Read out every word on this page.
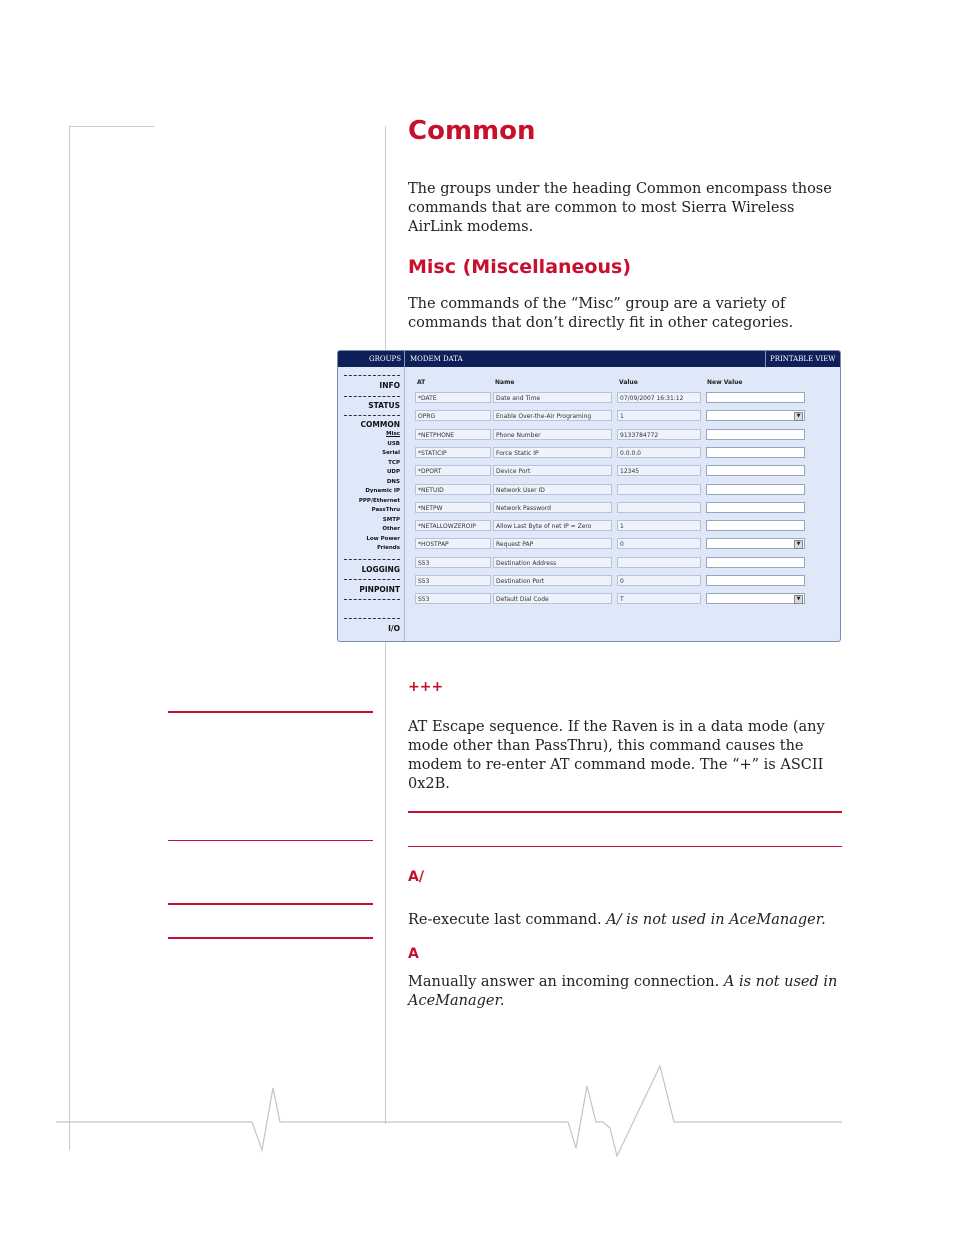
Common
The groups under the heading Common encompass those commands that are common to most Sierra Wireless AirLink modems.
Misc (Miscellaneous)
The commands of the “Misc” group are a variety of commands that don’t directly fit in other categories.
GROUPS MODEM DATA	PRINTABLE VIEW
INFO
STATUS
COMMON
Misc
USB
Serial
TCP
UDP
DNS
Dynamic IP
PPP/Ethernet
PassThru
SMTP
Other
Low Power
Friends
LOGGING
PINPOINT
I/O
AT	Name	Value	New Value
*DATE	Date and Time	07/09/2007 16:31:12
OPRG	Enable Over-the-Air Programing	1	▼
*NETPHONE	Phone Number	9133784772
*STATICIP	Force Static IP	0.0.0.0
*DPORT	Device Port	12345
*NETUID	Network User ID
*NETPW	Network Password
*NETALLOWZEROIP	Allow Last Byte of net IP = Zero	1
*HOSTPAP	Request PAP	0	▼
S53	Destination Address
S53	Destination Port	0
S53	Default Dial Code	T	▼
+++
AT Escape sequence. If the Raven is in a data mode (any mode other than PassThru), this command causes the modem to re-enter AT command mode. The “+” is ASCII 0x2B.
A/
Re-execute last command. A/ is not used in AceManager.
A
Manually answer an incoming connection. A is not used in AceManager.
